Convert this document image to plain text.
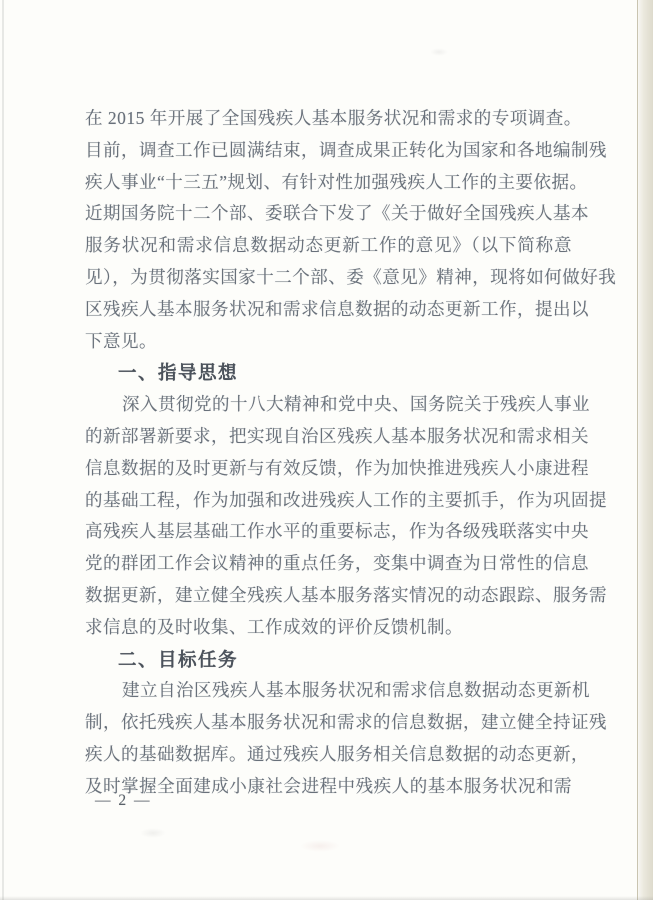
在 2015 年开展了全国残疾人基本服务状况和需求的专项调查。
目前，调查工作已圆满结束，调查成果正转化为国家和各地编制残
疾人事业“十三五”规划、有针对性加强残疾人工作的主要依据。
近期国务院十二个部、委联合下发了《关于做好全国残疾人基本
服务状况和需求信息数据动态更新工作的意见》（以下简称意
见），为贯彻落实国家十二个部、委《意见》精神，现将如何做好我
区残疾人基本服务状况和需求信息数据的动态更新工作，提出以
下意见。
一、指导思想
深入贯彻党的十八大精神和党中央、国务院关于残疾人事业
的新部署新要求，把实现自治区残疾人基本服务状况和需求相关
信息数据的及时更新与有效反馈，作为加快推进残疾人小康进程
的基础工程，作为加强和改进残疾人工作的主要抓手，作为巩固提
高残疾人基层基础工作水平的重要标志，作为各级残联落实中央
党的群团工作会议精神的重点任务，变集中调查为日常性的信息
数据更新，建立健全残疾人基本服务落实情况的动态跟踪、服务需
求信息的及时收集、工作成效的评价反馈机制。
二、目标任务
建立自治区残疾人基本服务状况和需求信息数据动态更新机
制，依托残疾人基本服务状况和需求的信息数据，建立健全持证残
疾人的基础数据库。通过残疾人服务相关信息数据的动态更新，
及时掌握全面建成小康社会进程中残疾人的基本服务状况和需
— 2 —
